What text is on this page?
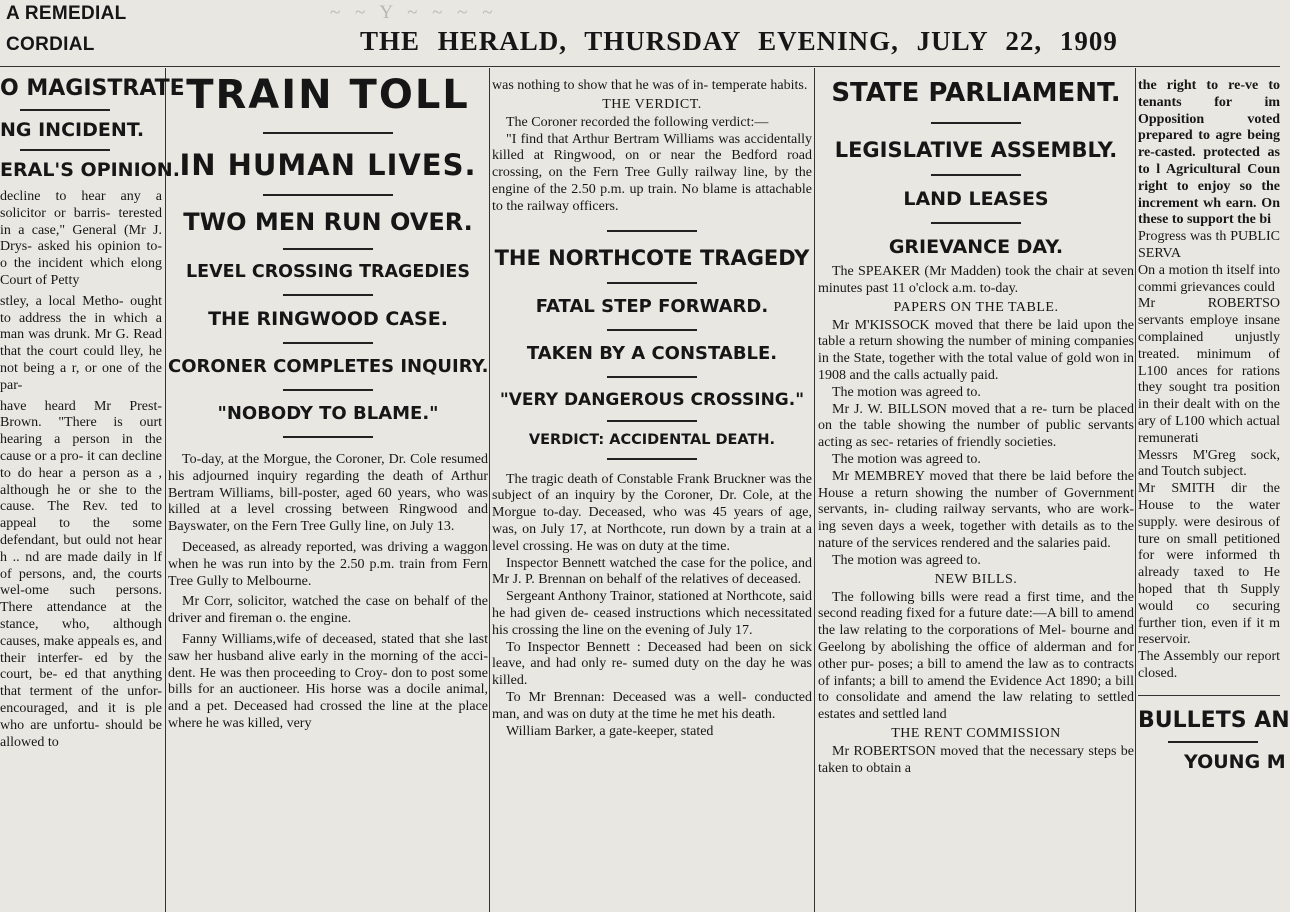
A REMEDIAL
CORDIAL
~ ~ Y ~ ~ ~ ~
THE HERALD, THURSDAY EVENING, JULY 22, 1909
O MAGISTRATE
NG INCIDENT.
ERAL'S OPINION.

decline to hear any a solicitor or barris- terested in a case," General (Mr J. Drys- asked his opinion to- o the incident which elong Court of Petty

stley, a local Metho- ought to address the in which a man was drunk. Mr G. Read that the court could lley, he not being a r, or one of the par-

have heard Mr Prest- Brown. "There is ourt hearing a person in the cause or a pro- it can decline to do hear a person as a , although he or she to the cause. The Rev. ted to appeal to the some defendant, but ould not hear h .. nd are made daily in lf of persons, and, the courts wel-ome such persons. There attendance at the stance, who, although causes, make appeals es, and their interfer- ed by the court, be- ed that anything that terment of the unfor- encouraged, and it is ple who are unfortu- should be allowed to

TRAIN TOLL
IN HUMAN LIVES.
TWO MEN RUN OVER.
LEVEL CROSSING TRAGEDIES
THE RINGWOOD CASE.
CORONER COMPLETES INQUIRY.
"NOBODY TO BLAME."

To-day, at the Morgue, the Coroner, Dr. Cole resumed his adjourned inquiry regarding the death of Arthur Bertram Williams, bill-poster, aged 60 years, who was killed at a level crossing between Ringwood and Bayswater, on the Fern Tree Gully line, on July 13.

Deceased, as already reported, was driving a waggon when he was run into by the 2.50 p.m. train from Fern Tree Gully to Melbourne.

Mr Corr, solicitor, watched the case on behalf of the driver and fireman o. the engine.

Fanny Williams,wife of deceased, stated that she last saw her husband alive early in the morning of the acci- dent. He was then proceeding to Croy- don to post some bills for an auctioneer. His horse was a docile animal, and a pet. Deceased had crossed the line at the place where he was killed, very

was nothing to show that he was of in- temperate habits.

THE VERDICT.

The Coroner recorded the following verdict:—

"I find that Arthur Bertram Williams was accidentally killed at Ringwood, on or near the Bedford road crossing, on the Fern Tree Gully railway line, by the engine of the 2.50 p.m. up train. No blame is attachable to the railway officers.

THE NORTHCOTE TRAGEDY
FATAL STEP FORWARD.
TAKEN BY A CONSTABLE.
"VERY DANGEROUS CROSSING."
VERDICT: ACCIDENTAL DEATH.

The tragic death of Constable Frank Bruckner was the subject of an inquiry by the Coroner, Dr. Cole, at the Morgue to-day. Deceased, who was 45 years of age, was, on July 17, at Northcote, run down by a train at a level crossing. He was on duty at the time.

Inspector Bennett watched the case for the police, and Mr J. P. Brennan on behalf of the relatives of deceased.

Sergeant Anthony Trainor, stationed at Northcote, said he had given de- ceased instructions which necessitated his crossing the line on the evening of July 17.

To Inspector Bennett : Deceased had been on sick leave, and had only re- sumed duty on the day he was killed.

To Mr Brennan: Deceased was a well- conducted man, and was on duty at the time he met his death.

William Barker, a gate-keeper, stated

STATE PARLIAMENT.
LEGISLATIVE ASSEMBLY.
LAND LEASES
GRIEVANCE DAY.

The SPEAKER (Mr Madden) took the chair at seven minutes past 11 o'clock a.m. to-day.

PAPERS ON THE TABLE.

Mr M'KISSOCK moved that there be laid upon the table a return showing the number of mining companies in the State, together with the total value of gold won in 1908 and the calls actually paid.

The motion was agreed to.

Mr J. W. BILLSON moved that a re- turn be placed on the table showing the number of public servants acting as sec- retaries of friendly societies.

The motion was agreed to.

Mr MEMBREY moved that there be laid before the House a return showing the number of Government servants, in- cluding railway servants, who are work- ing seven days a week, together with details as to the nature of the services rendered and the salaries paid.

The motion was agreed to.

NEW BILLS.

The following bills were read a first time, and the second reading fixed for a future date:—A bill to amend the law relating to the corporations of Mel- bourne and Geelong by abolishing the office of alderman and for other pur- poses; a bill to amend the law as to contracts of infants; a bill to amend the Evidence Act 1890; a bill to consolidate and amend the law relating to settled estates and settled land

THE RENT COMMISSION

Mr ROBERTSON moved that the necessary steps be taken to obtain a

the right to re-ve to tenants for im Opposition voted prepared to agre being re-casted. protected as to l Agricultural Coun right to enjoy so the increment wh earn. On these to support the bi

Progress was th PUBLIC SERVA

On a motion th itself into commi grievances could

Mr ROBERTSO servants employe insane complained unjustly treated. minimum of L100 ances for rations they sought tra position in their dealt with on the ary of L100 which actual remunerati

Messrs M'Greg sock, and Toutch subject.

Mr SMITH dir the House to the water supply. were desirous of ture on small petitioned for were informed th already taxed to He hoped that th Supply would co securing further tion, even if it m reservoir.

The Assembly our report closed.

BULLETS AN
YOUNG M
